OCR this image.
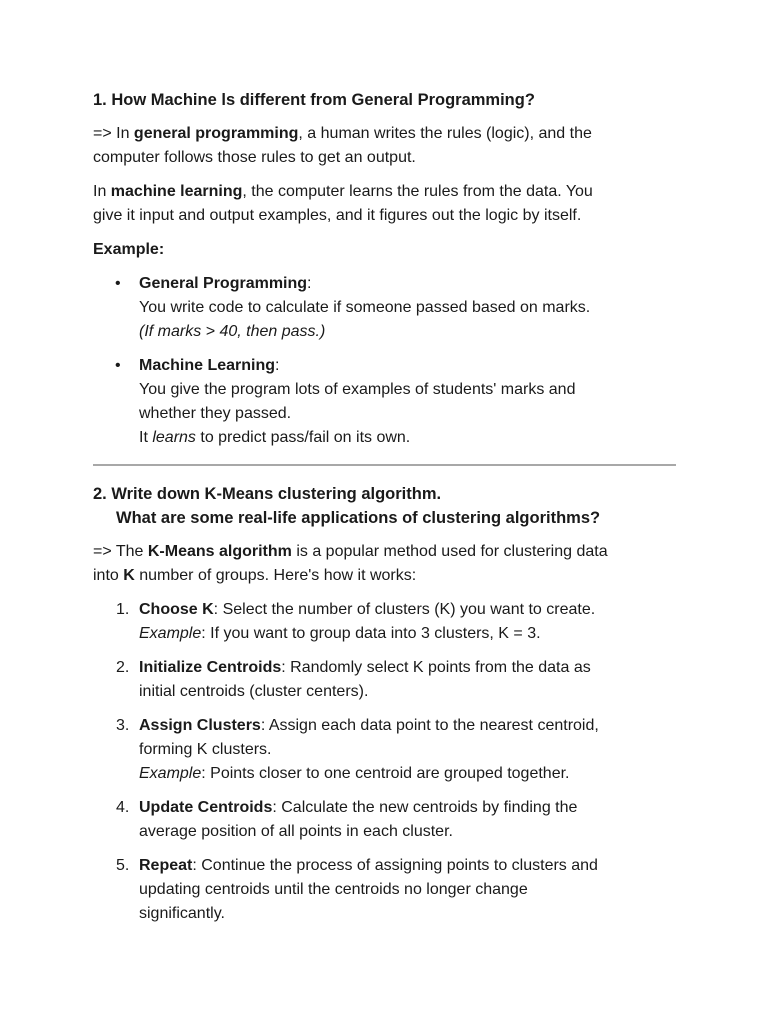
1. How Machine ls different from General Programming?

=> In general programming, a human writes the rules (logic), and the
computer follows those rules to get an output.

In machine learning, the computer learns the rules from the data. You
give it input and output examples, and it figures out the logic by itself.

Example:

• General Programming:
You write code to calculate if someone passed based on marks.
(If marks > 40, then pass.)
• Machine Learning:
You give the program lots of examples of students' marks and
whether they passed.
It learns to predict pass/fail on its own.

2. Write down K-Means clustering algorithm.
What are some real-life applications of clustering algorithms?

=> The K-Means algorithm is a popular method used for clustering data
into K number of groups. Here's how it works:

1. Choose K: Select the number of clusters (K) you want to create.
Example: If you want to group data into 3 clusters, K = 3.
2. Initialize Centroids: Randomly select K points from the data as
initial centroids (cluster centers).
3. Assign Clusters: Assign each data point to the nearest centroid,
forming K clusters.
Example: Points closer to one centroid are grouped together.
4. Update Centroids: Calculate the new centroids by finding the
average position of all points in each cluster.
5. Repeat: Continue the process of assigning points to clusters and
updating centroids until the centroids no longer change
significantly.
